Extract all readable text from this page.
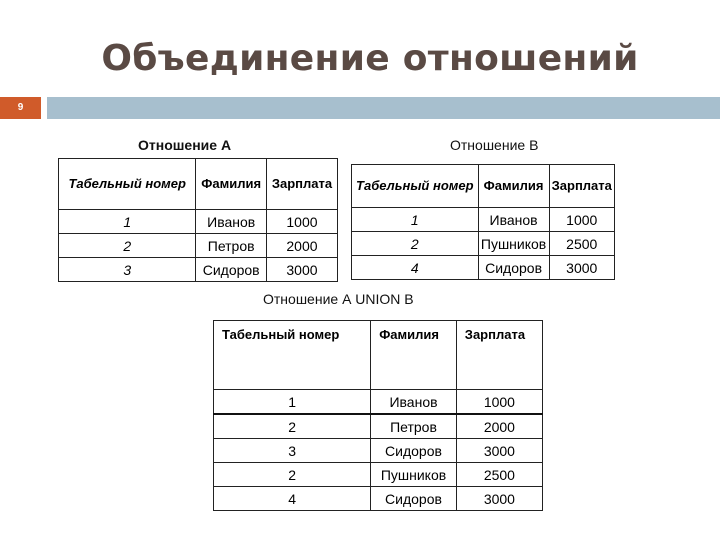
Объединение отношений
9
Отношение А
Табельный номер	Фамилия	Зарплата
1	Иванов	1000
2	Петров	2000
3	Сидоров	3000
Отношение В
Табельный номер	Фамилия	Зарплата
1	Иванов	1000
2	Пушников	2500
4	Сидоров	3000
Отношение А UNION В
Табельный номер	Фамилия	Зарплата
1	Иванов	1000
2	Петров	2000
3	Сидоров	3000
2	Пушников	2500
4	Сидоров	3000
